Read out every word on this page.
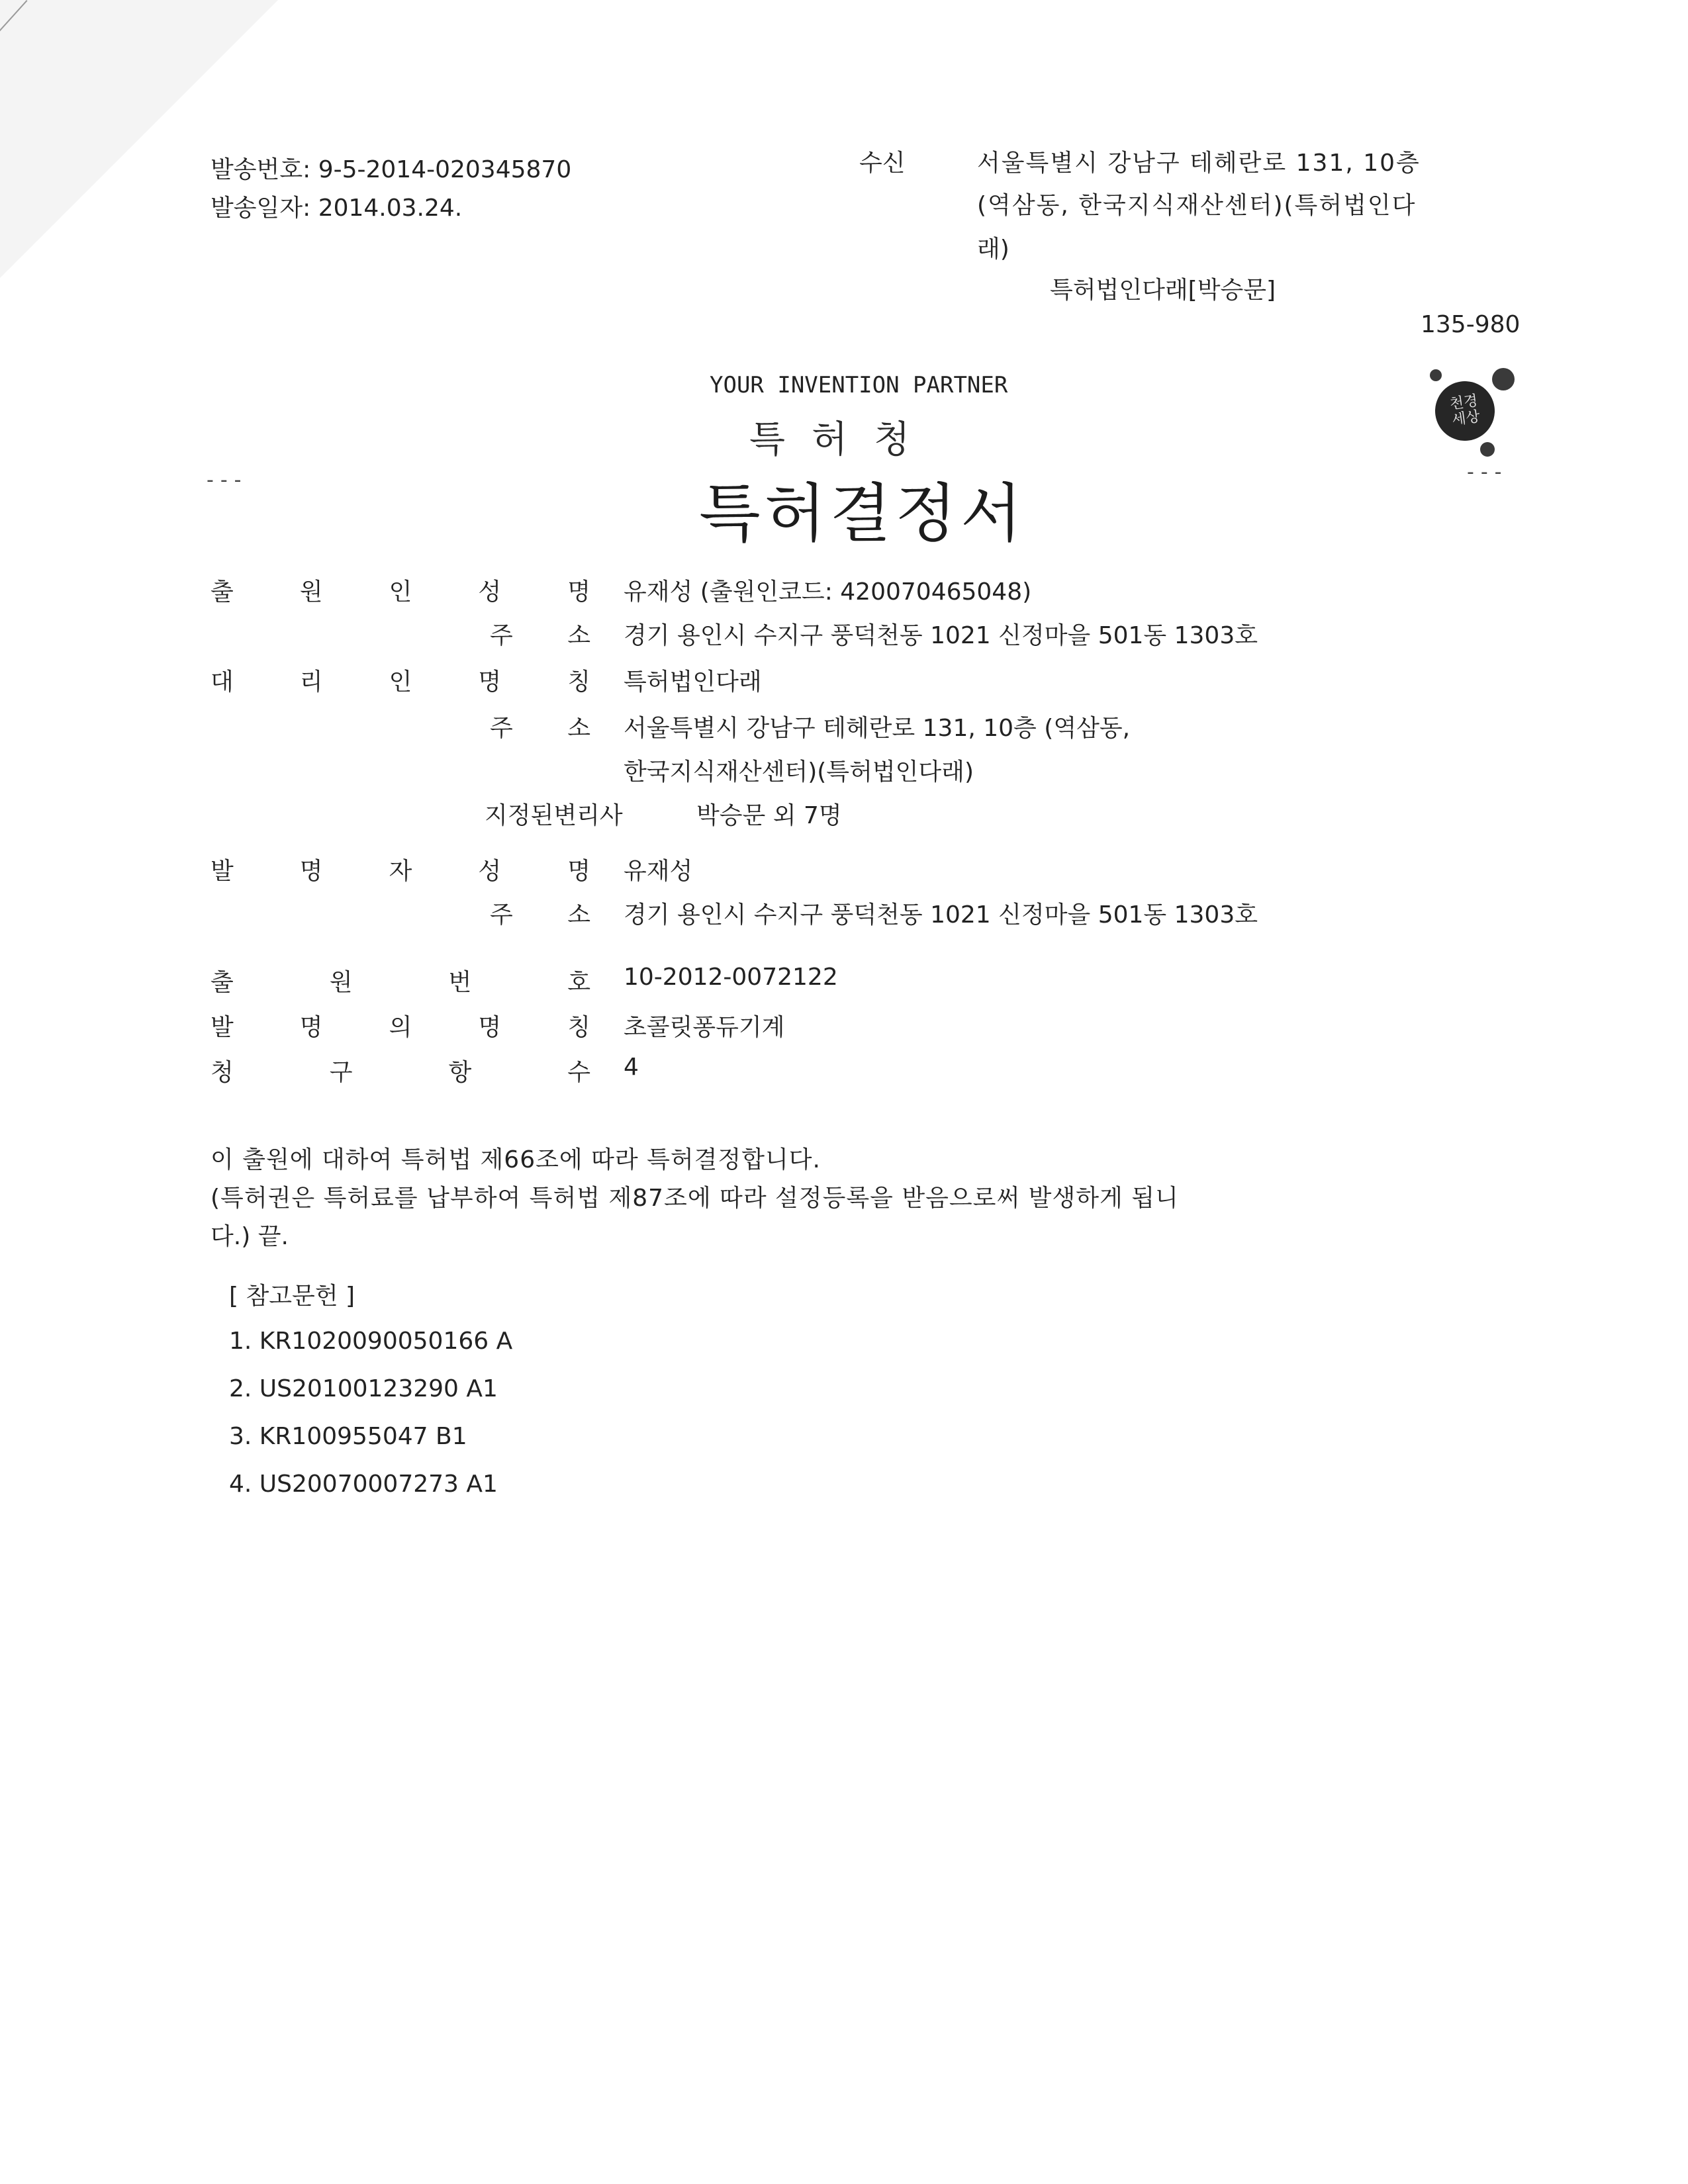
발송번호: 9-5-2014-020345870
발송일자: 2014.03.24.
수신	서울특별시 강남구 테헤란로 131, 10층
(역삼동, 한국지식재산센터)(특허법인다
래)
특허법인다래[박승문]
135-980
YOUR INVENTION PARTNER
특허청
특허결정서
---	---
천경 세상
출	원	인	성	명 유재성 (출원인코드: 420070465048)
주 소 경기 용인시 수지구 풍덕천동 1021 신정마을 501동 1303호
대	리	인	명	칭 특허법인다래
주 소 서울특별시 강남구 테헤란로 131, 10층 (역삼동,
한국지식재산센터)(특허법인다래)
지정된변리사	박승문 외 7명
발	명	자	성	명 유재성
주 소 경기 용인시 수지구 풍덕천동 1021 신정마을 501동 1303호
출	원	번	호 10-2012-0072122
발	명	의	명	칭 초콜릿퐁듀기계
청	구	항	수 4
이 출원에 대하여 특허법 제66조에 따라 특허결정합니다.
(특허권은 특허료를 납부하여 특허법 제87조에 따라 설정등록을 받음으로써 발생하게 됩니
다.) 끝.
[ 참고문헌 ]
1. KR1020090050166 A
2. US20100123290 A1
3. KR100955047 B1
4. US20070007273 A1
